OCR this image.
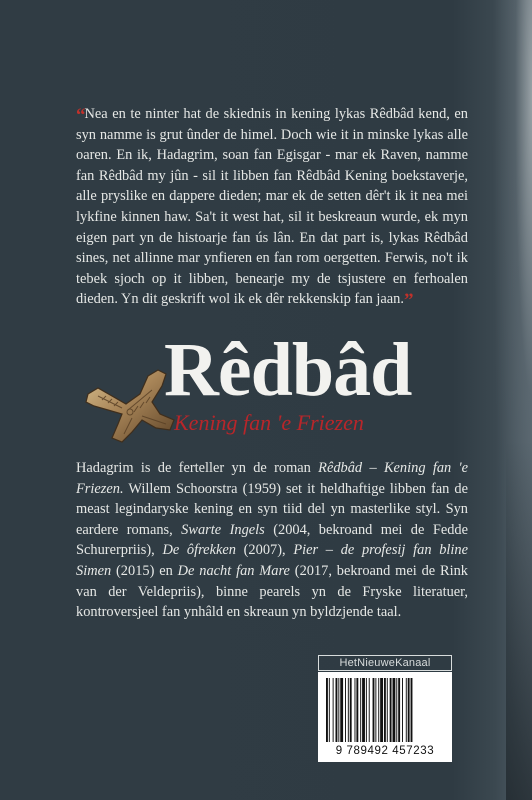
“Nea en te ninter hat de skiednis in kening lykas Rêdbâd kend, en syn namme is grut ûnder de himel. Doch wie it in minske lykas alle oaren. En ik, Hadagrim, soan fan Egisgar - mar ek Raven, namme fan Rêdbâd my jûn - sil it libben fan Rêdbâd Kening boekstaverje, alle pryslike en dappere dieden; mar ek de setten dêr't ik it nea mei lykfine kinnen haw. Sa't it west hat, sil it beskreaun wurde, ek myn eigen part yn de histoarje fan ús lân. En dat part is, lykas Rêdbâd sines, net allinne mar ynfieren en fan rom oergetten. Ferwis, no't ik tebek sjoch op it libben, benearje my de tsjustere en ferhoalen dieden. Yn dit geskrift wol ik ek dêr rekkenskip fan jaan.”

Rêdbâd
Kening fan 'e Friezen

Hadagrim is de ferteller yn de roman Rêdbâd – Kening fan 'e Friezen. Willem Schoorstra (1959) set it heldhaftige libben fan de meast legindaryske kening en syn tiid del yn masterlike styl. Syn eardere romans, Swarte Ingels (2004, bekroand mei de Fedde Schurerpriis), De ôfrekken (2007), Pier – de profesij fan bline Simen (2015) en De nacht fan Mare (2017, bekroand mei de Rink van der Veldepriis), binne pearels yn de Fryske literatuer, kontroversjeel fan ynhâld en skreaun yn byldzjende taal.

HetNieuweKanaal
9 789492 457233
